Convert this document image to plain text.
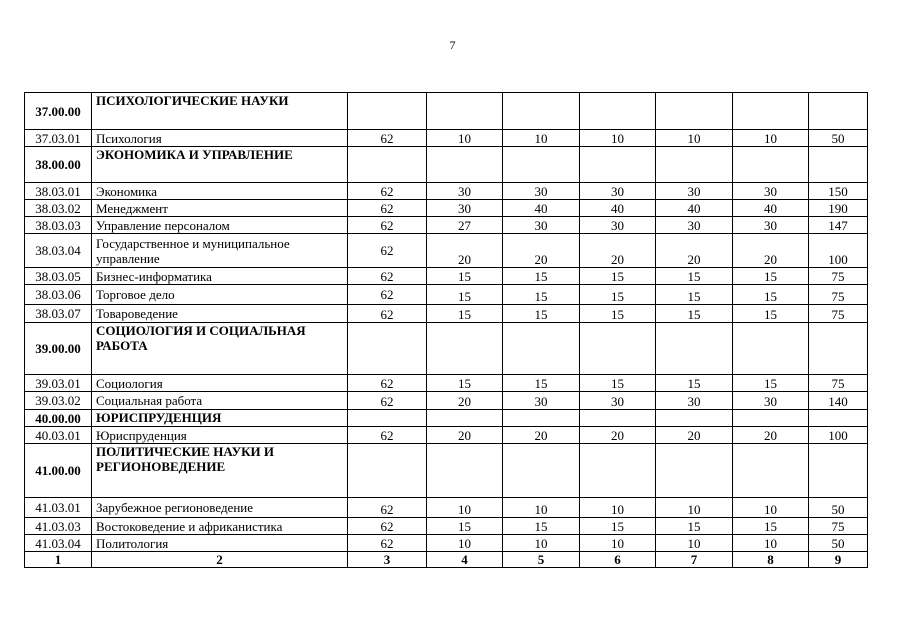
7
37.00.00	ПСИХОЛОГИЧЕСКИЕ НАУКИ							
37.03.01	Психология	62	10	10	10	10	10	50
38.00.00	ЭКОНОМИКА И УПРАВЛЕНИЕ							
38.03.01	Экономика	62	30	30	30	30	30	150
38.03.02	Менеджмент	62	30	40	40	40	40	190
38.03.03	Управление персоналом	62	27	30	30	30	30	147
38.03.04	Государственное и муниципальное управление	62	20	20	20	20	20	100
38.03.05	Бизнес-информатика	62	15	15	15	15	15	75
38.03.06	Торговое дело	62	15	15	15	15	15	75
38.03.07	Товароведение	62	15	15	15	15	15	75
39.00.00	СОЦИОЛОГИЯ И СОЦИАЛЬНАЯ РАБОТА							
39.03.01	Социология	62	15	15	15	15	15	75
39.03.02	Социальная работа	62	20	30	30	30	30	140
40.00.00	ЮРИСПРУДЕНЦИЯ							
40.03.01	Юриспруденция	62	20	20	20	20	20	100
41.00.00	ПОЛИТИЧЕСКИЕ НАУКИ И РЕГИОНОВЕДЕНИЕ							
41.03.01	Зарубежное регионоведение	62	10	10	10	10	10	50
41.03.03	Востоковедение и африканистика	62	15	15	15	15	15	75
41.03.04	Политология	62	10	10	10	10	10	50
1	2	3	4	5	6	7	8	9
